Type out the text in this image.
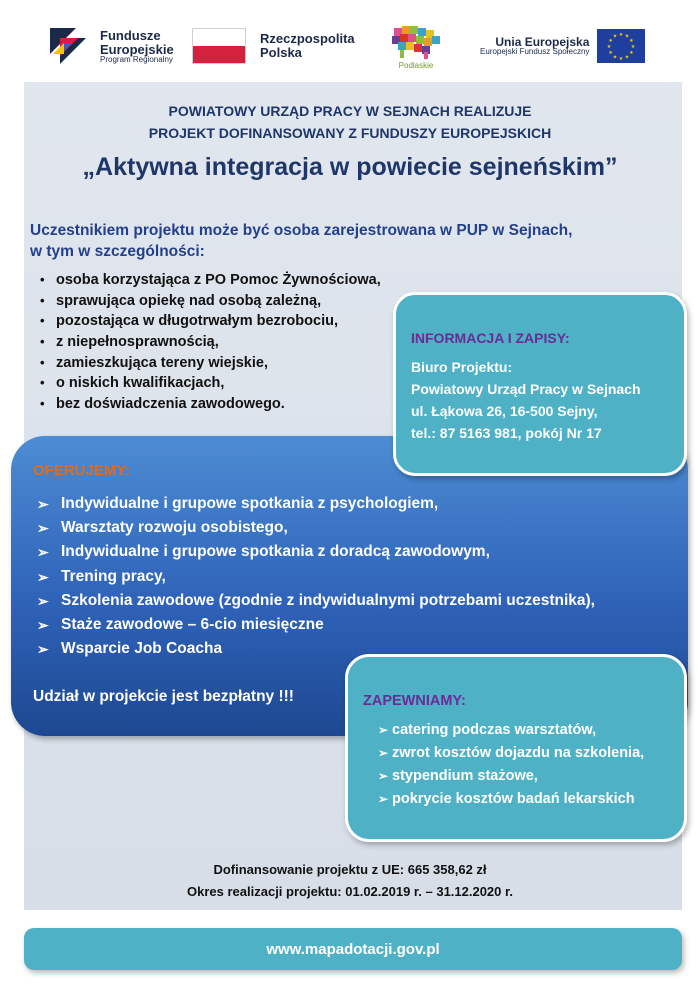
Fundusze
Europejskie
Program Regionalny
Rzeczpospolita
Polska
Podlaskie
Unia Europejska
Europejski Fundusz Społeczny
★ ★
★
★
★
★
★
★
★
★
★
★
POWIATOWY URZĄD PRACY W SEJNACH REALIZUJE
PROJEKT DOFINANSOWANY Z FUNDUSZY EUROPEJSKICH
„Aktywna integracja w powiecie sejneńskim”
Uczestnikiem projektu może być osoba zarejestrowana w PUP w Sejnach,
w tym w szczególności:
• osoba korzystająca z PO Pomoc Żywnościowa,
• sprawująca opiekę nad osobą zależną,
• pozostająca w długotrwałym bezrobociu,
• z niepełnosprawnością,
• zamieszkująca tereny wiejskie,
• o niskich kwalifikacjach,
• bez doświadczenia zawodowego.
OFERUJEMY:
➢ Indywidualne i grupowe spotkania z psychologiem,
➢ Warsztaty rozwoju osobistego,
➢ Indywidualne i grupowe spotkania z doradcą zawodowym,
➢ Trening pracy,
➢ Szkolenia zawodowe (zgodnie z indywidualnymi potrzebami uczestnika),
➢ Staże zawodowe – 6-cio miesięczne
➢ Wsparcie Job Coacha
Udział w projekcie jest bezpłatny !!!
INFORMACJA I ZAPISY:
Biuro Projektu:
Powiatowy Urząd Pracy w Sejnach
ul. Łąkowa 26, 16-500 Sejny,
tel.: 87 5163 981, pokój Nr 17
ZAPEWNIAMY:
➢ catering podczas warsztatów,
➢ zwrot kosztów dojazdu na szkolenia,
➢ stypendium stażowe,
➢ pokrycie kosztów badań lekarskich
Dofinansowanie projektu z UE: 665 358,62 zł
Okres realizacji projektu: 01.02.2019 r. – 31.12.2020 r.
www.mapadotacji.gov.pl
